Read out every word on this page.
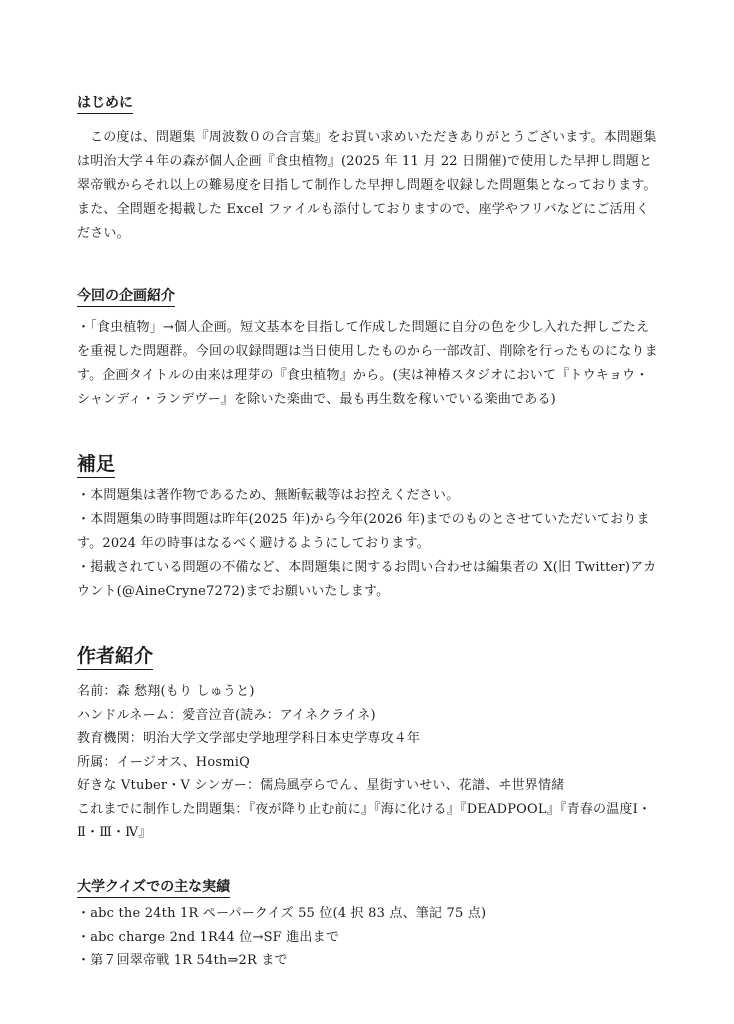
はじめに

この度は、問題集『周波数０の合言葉』をお買い求めいただきありがとうございます。本問題集は明治大学４年の森が個人企画『食虫植物』(2025 年 11 月 22 日開催)で使用した早押し問題と翠帝戦からそれ以上の難易度を目指して制作した早押し問題を収録した問題集となっております。また、全問題を掲載した Excel ファイルも添付しておりますので、座学やフリバなどにご活用ください。

今回の企画紹介

・「食虫植物」→個人企画。短文基本を目指して作成した問題に自分の色を少し入れた押しごたえを重視した問題群。今回の収録問題は当日使用したものから一部改訂、削除を行ったものになります。企画タイトルの由来は理芽の『食虫植物』から。(実は神椿スタジオにおいて『トウキョウ・シャンディ・ランデヴー』を除いた楽曲で、最も再生数を稼いでいる楽曲である)

補足

・本問題集は著作物であるため、無断転載等はお控えください。

・本問題集の時事問題は昨年(2025 年)から今年(2026 年)までのものとさせていただいております。2024 年の時事はなるべく避けるようにしております。

・掲載されている問題の不備など、本問題集に関するお問い合わせは編集者の X(旧 Twitter)アカウント(@AineCryne7272)までお願いいたします。

作者紹介

名前：森 愁翔(もり しゅうと)

ハンドルネーム：愛音泣音(読み：アイネクライネ)

教育機関：明治大学文学部史学地理学科日本史学専攻４年

所属：イージオス、HosmiQ

好きな Vtuber・V シンガー：儒烏風亭らでん、星街すいせい、花譜、ヰ世界情緒

これまでに制作した問題集：『夜が降り止む前に』『海に化ける』『DEADPOOL』『青春の温度Ⅰ・Ⅱ・Ⅲ・Ⅳ』

大学クイズでの主な実績

・abc the 24th 1R ペーパークイズ 55 位(4 択 83 点、筆記 75 点)

・abc charge 2nd 1R44 位→SF 進出まで

・第７回翠帝戦 1R 54th⇒2R まで
